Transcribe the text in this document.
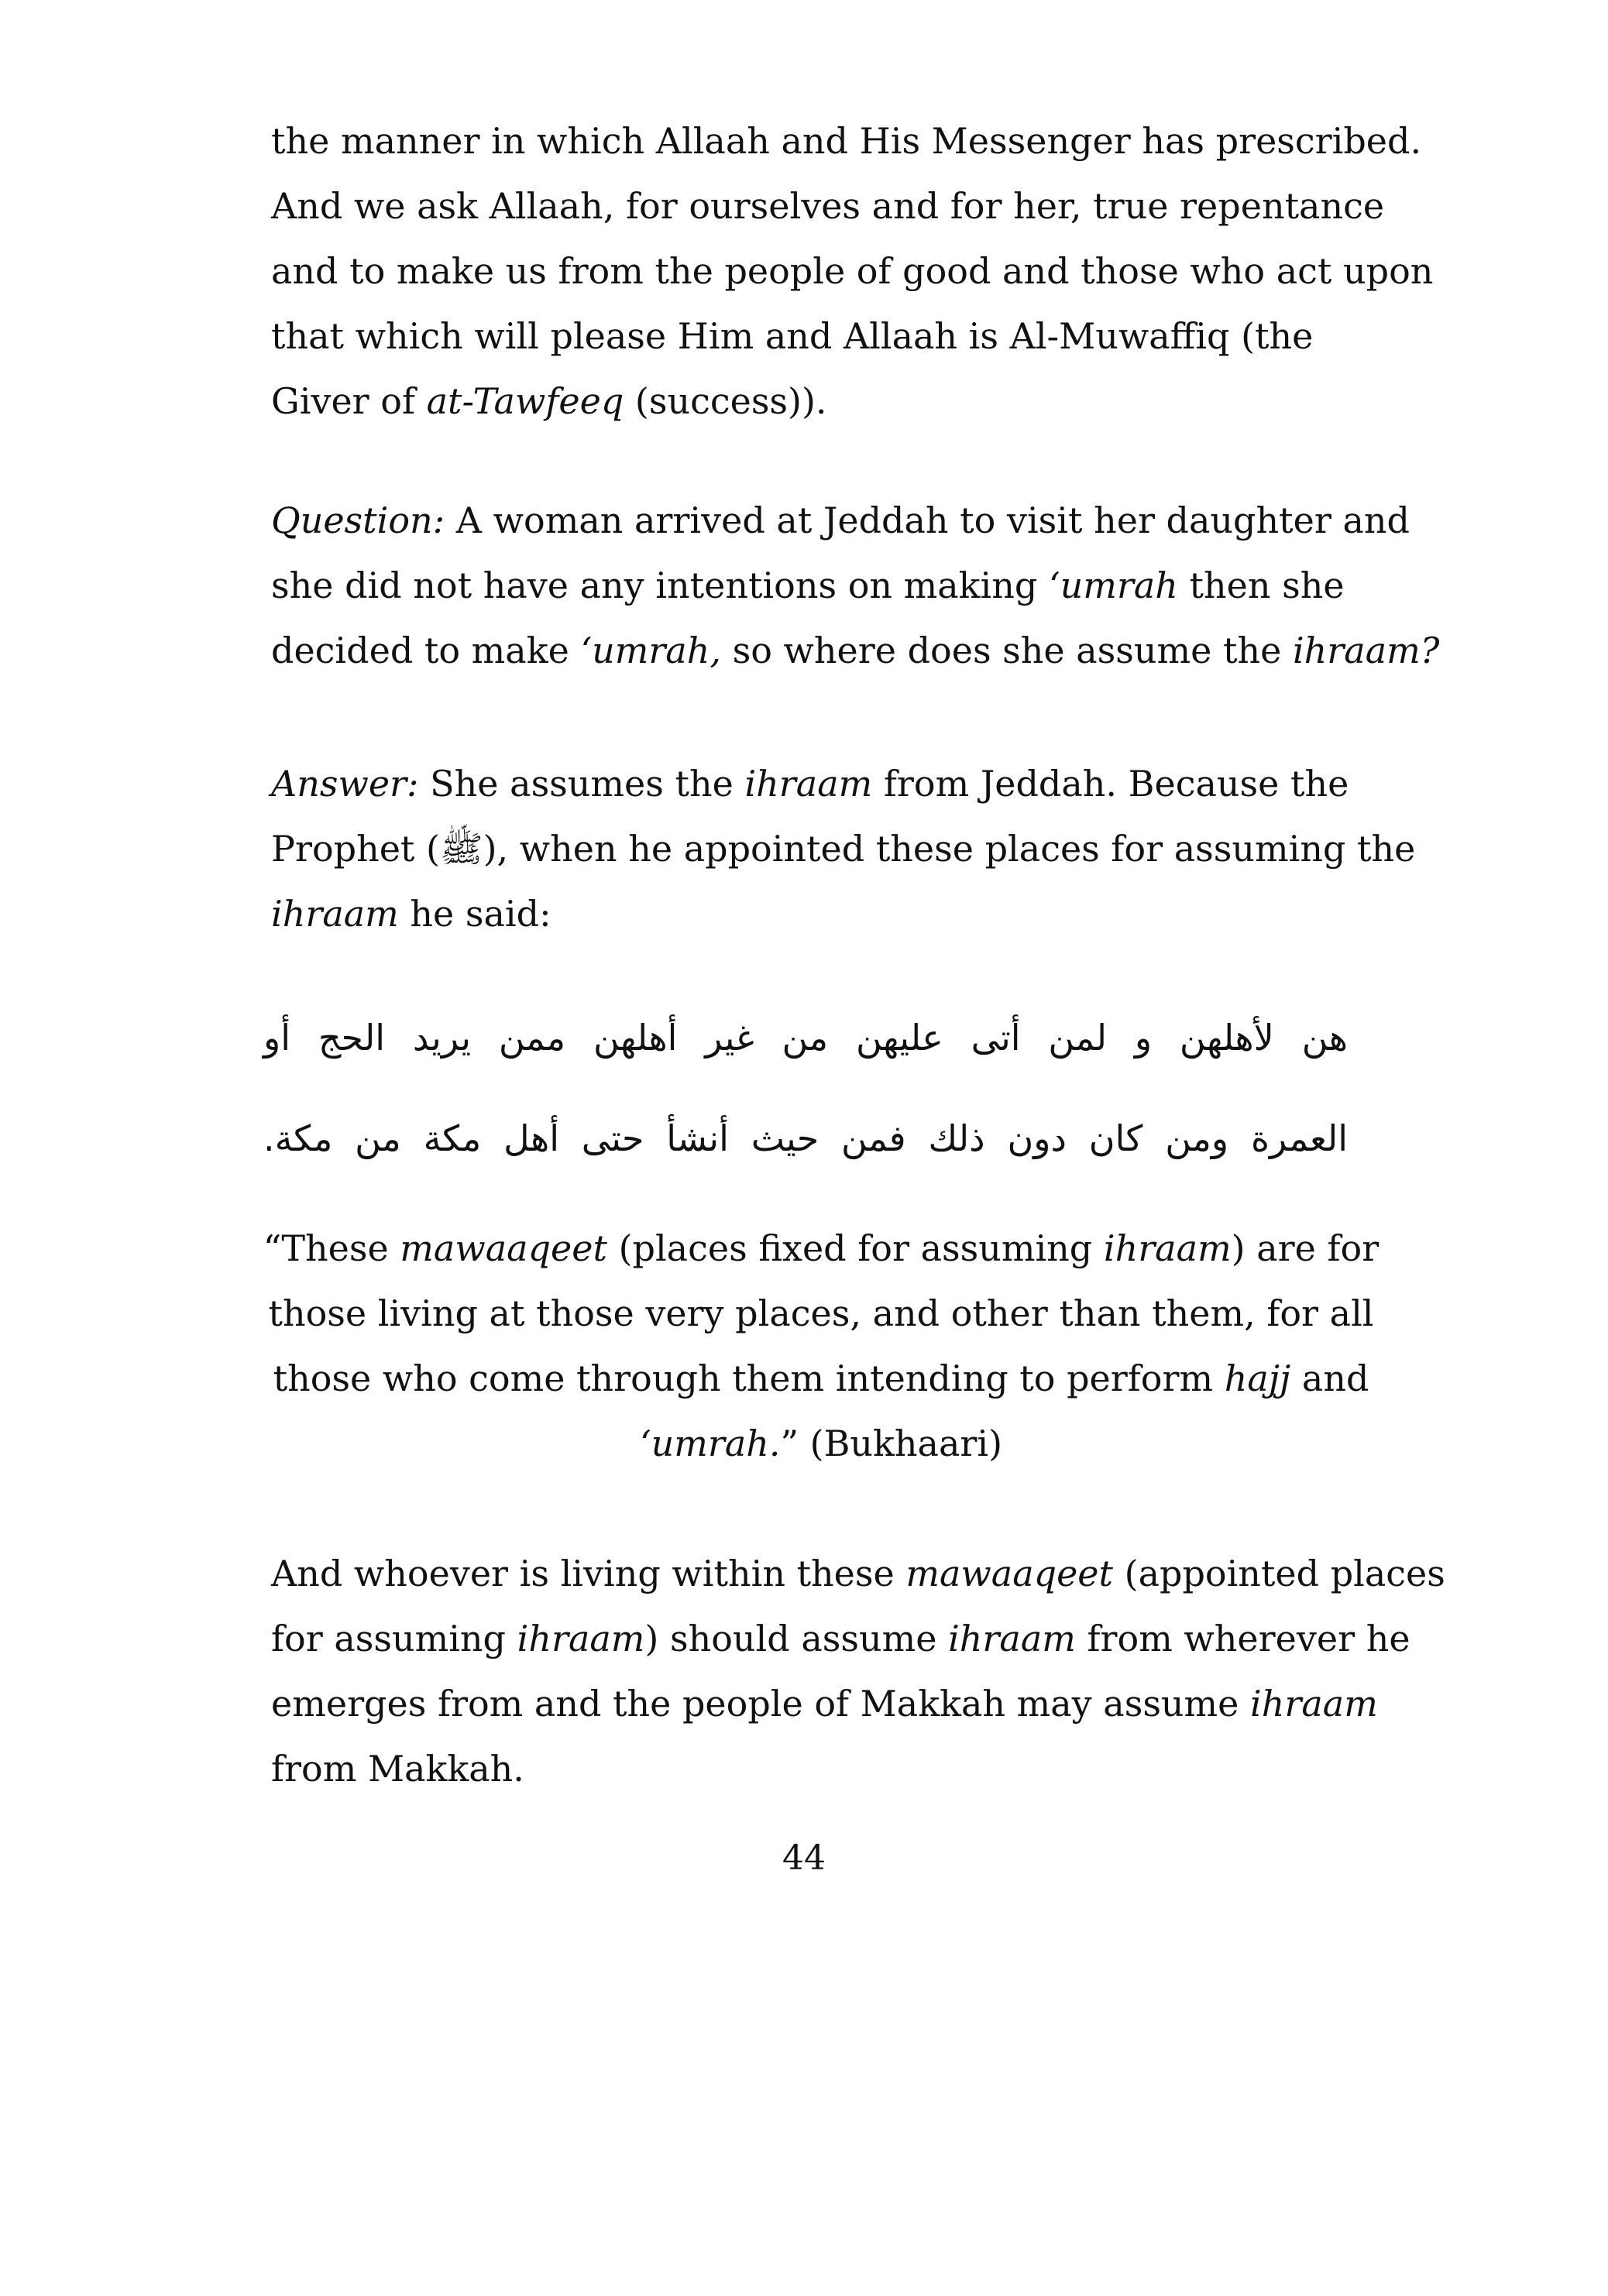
the manner in which Allaah and His Messenger has prescribed.
And we ask Allaah, for ourselves and for her, true repentance
and to make us from the people of good and those who act upon
that which will please Him and Allaah is Al-Muwaffiq (the
Giver of at-Tawfeeq (success)).

Question: A woman arrived at Jeddah to visit her daughter and
she did not have any intentions on making ‘umrah then she
decided to make ‘umrah, so where does she assume the ihraam?

Answer: She assumes the ihraam from Jeddah. Because the
Prophet (ﷺ), when he appointed these places for assuming the
ihraam he said:

هن لأهلهن و لمن أتى عليهن من غير أهلهن ممن يريد الحج أو
العمرة ومن كان دون ذلك فمن حيث أنشأ حتى أهل مكة من مكة.

“These mawaaqeet (places fixed for assuming ihraam) are for
those living at those very places, and other than them, for all
those who come through them intending to perform hajj and
‘umrah.” (Bukhaari)

And whoever is living within these mawaaqeet (appointed places
for assuming ihraam) should assume ihraam from wherever he
emerges from and the people of Makkah may assume ihraam
from Makkah.

44
